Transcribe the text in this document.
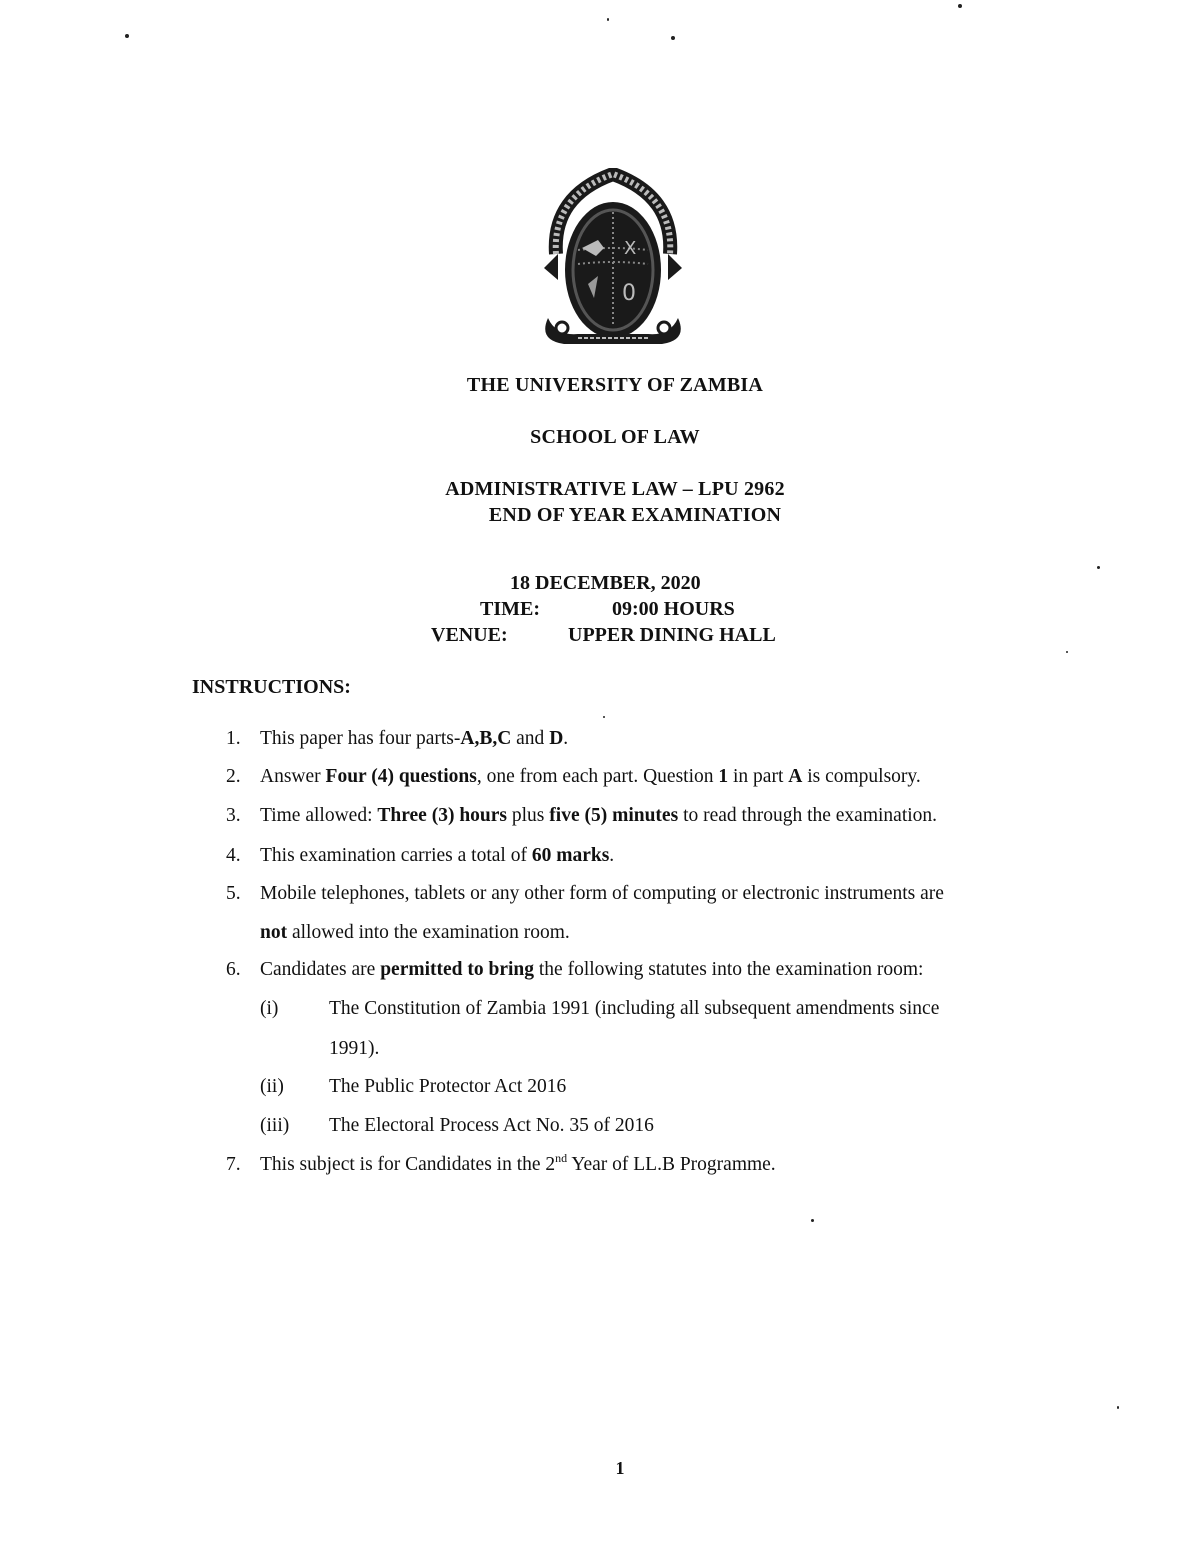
X
0
THE UNIVERSITY OF ZAMBIA
SCHOOL OF LAW
ADMINISTRATIVE LAW – LPU 2962
END OF YEAR EXAMINATION
18 DECEMBER, 2020
TIME:	09:00 HOURS
VENUE:	UPPER DINING HALL
INSTRUCTIONS:
1. This paper has four parts-A,B,C and D.
2. Answer Four (4) questions, one from each part. Question 1 in part A is compulsory.
3. Time allowed: Three (3) hours plus five (5) minutes to read through the examination.
4. This examination carries a total of 60 marks.
5. Mobile telephones, tablets or any other form of computing or electronic instruments are
not allowed into the examination room.
6. Candidates are permitted to bring the following statutes into the examination room:
(i)	The Constitution of Zambia 1991 (including all subsequent amendments since
1991).
(ii) The Public Protector Act 2016
(iii) The Electoral Process Act No. 35 of 2016
7. This subject is for Candidates in the 2nd Year of LL.B Programme.
1
